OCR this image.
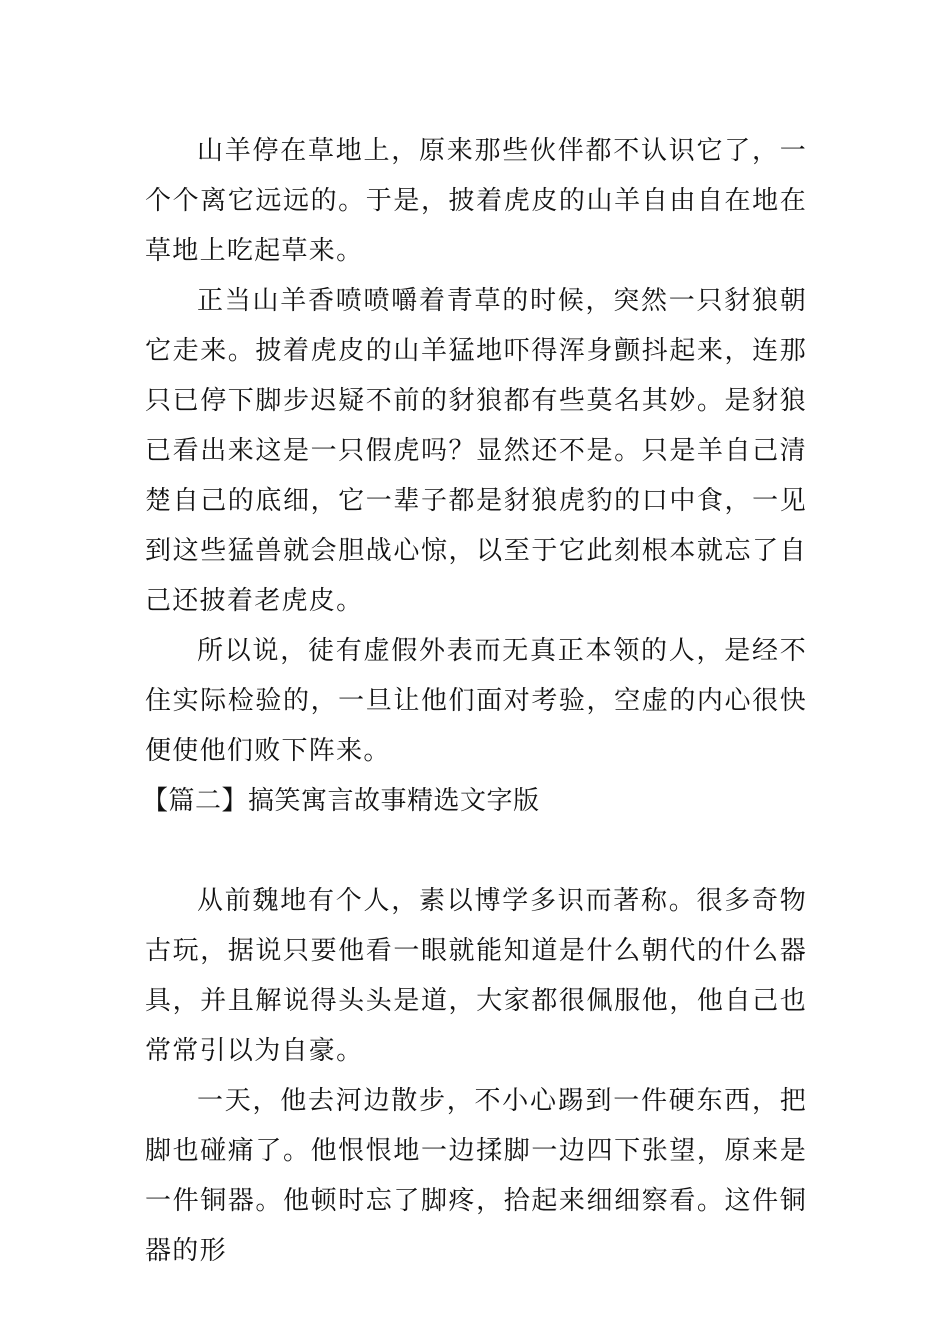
山羊停在草地上，原来那些伙伴都不认识它了，一个个离它远远的。于是，披着虎皮的山羊自由自在地在草地上吃起草来。

正当山羊香喷喷嚼着青草的时候，突然一只豺狼朝它走来。披着虎皮的山羊猛地吓得浑身颤抖起来，连那只已停下脚步迟疑不前的豺狼都有些莫名其妙。是豺狼已看出来这是一只假虎吗？显然还不是。只是羊自己清楚自己的底细，它一辈子都是豺狼虎豹的口中食，一见到这些猛兽就会胆战心惊，以至于它此刻根本就忘了自己还披着老虎皮。

所以说，徒有虚假外表而无真正本领的人，是经不住实际检验的，一旦让他们面对考验，空虚的内心很快便使他们败下阵来。

【篇二】搞笑寓言故事精选文字版

从前魏地有个人，素以博学多识而著称。很多奇物古玩，据说只要他看一眼就能知道是什么朝代的什么器具，并且解说得头头是道，大家都很佩服他，他自己也常常引以为自豪。

一天，他去河边散步，不小心踢到一件硬东西，把脚也碰痛了。他恨恨地一边揉脚一边四下张望，原来是一件铜器。他顿时忘了脚疼，拾起来细细察看。这件铜器的形
